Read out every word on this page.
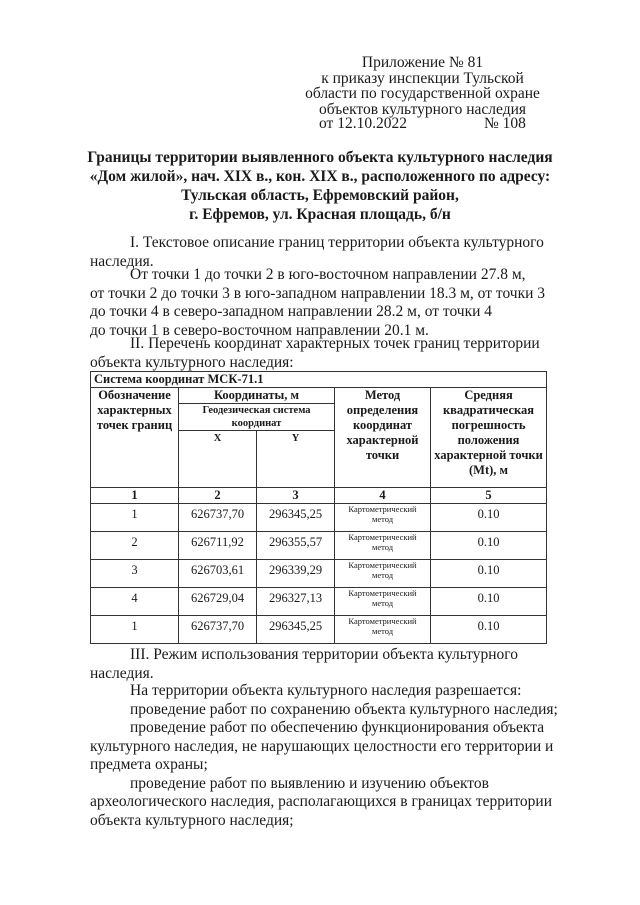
Приложение № 81
к приказу инспекции Тульской
области по государственной охране
объектов культурного наследия
от 12.10.2022	№ 108
Границы территории выявленного объекта культурного наследия
«Дом жилой», нач. XIX в., кон. XIX в., расположенного по адресу:
Тульская область, Ефремовский район,
г. Ефремов, ул. Красная площадь, б/н
I. Текстовое описание границ территории объекта культурного
наследия.
От точки 1 до точки 2 в юго-восточном направлении 27.8 м,
от точки 2 до точки 3 в юго-западном направлении 18.3 м, от точки 3
до точки 4 в северо-западном направлении 28.2 м, от точки 4
до точки 1 в северо-восточном направлении 20.1 м.
II. Перечень координат характерных точек границ территории
объекта культурного наследия:
Система координат МСК-71.1				
Обозначение характерных точек границ	Координаты, м		Метод определения координат характерной точки	Средняя квадратическая погрешность положения характерной точки (Mt), м
	Геодезическая система координат			
	X	Y		
1	2	3	4	5
1	626737,70	296345,25	Картометрический метод	0.10
2	626711,92	296355,57	Картометрический метод	0.10
3	626703,61	296339,29	Картометрический метод	0.10
4	626729,04	296327,13	Картометрический метод	0.10
1	626737,70	296345,25	Картометрический метод	0.10
III. Режим использования территории объекта культурного
наследия.
На территории объекта культурного наследия разрешается:
проведение работ по сохранению объекта культурного наследия;
проведение работ по обеспечению функционирования объекта
культурного наследия, не нарушающих целостности его территории и
предмета охраны;
проведение работ по выявлению и изучению объектов
археологического наследия, располагающихся в границах территории
объекта культурного наследия;
